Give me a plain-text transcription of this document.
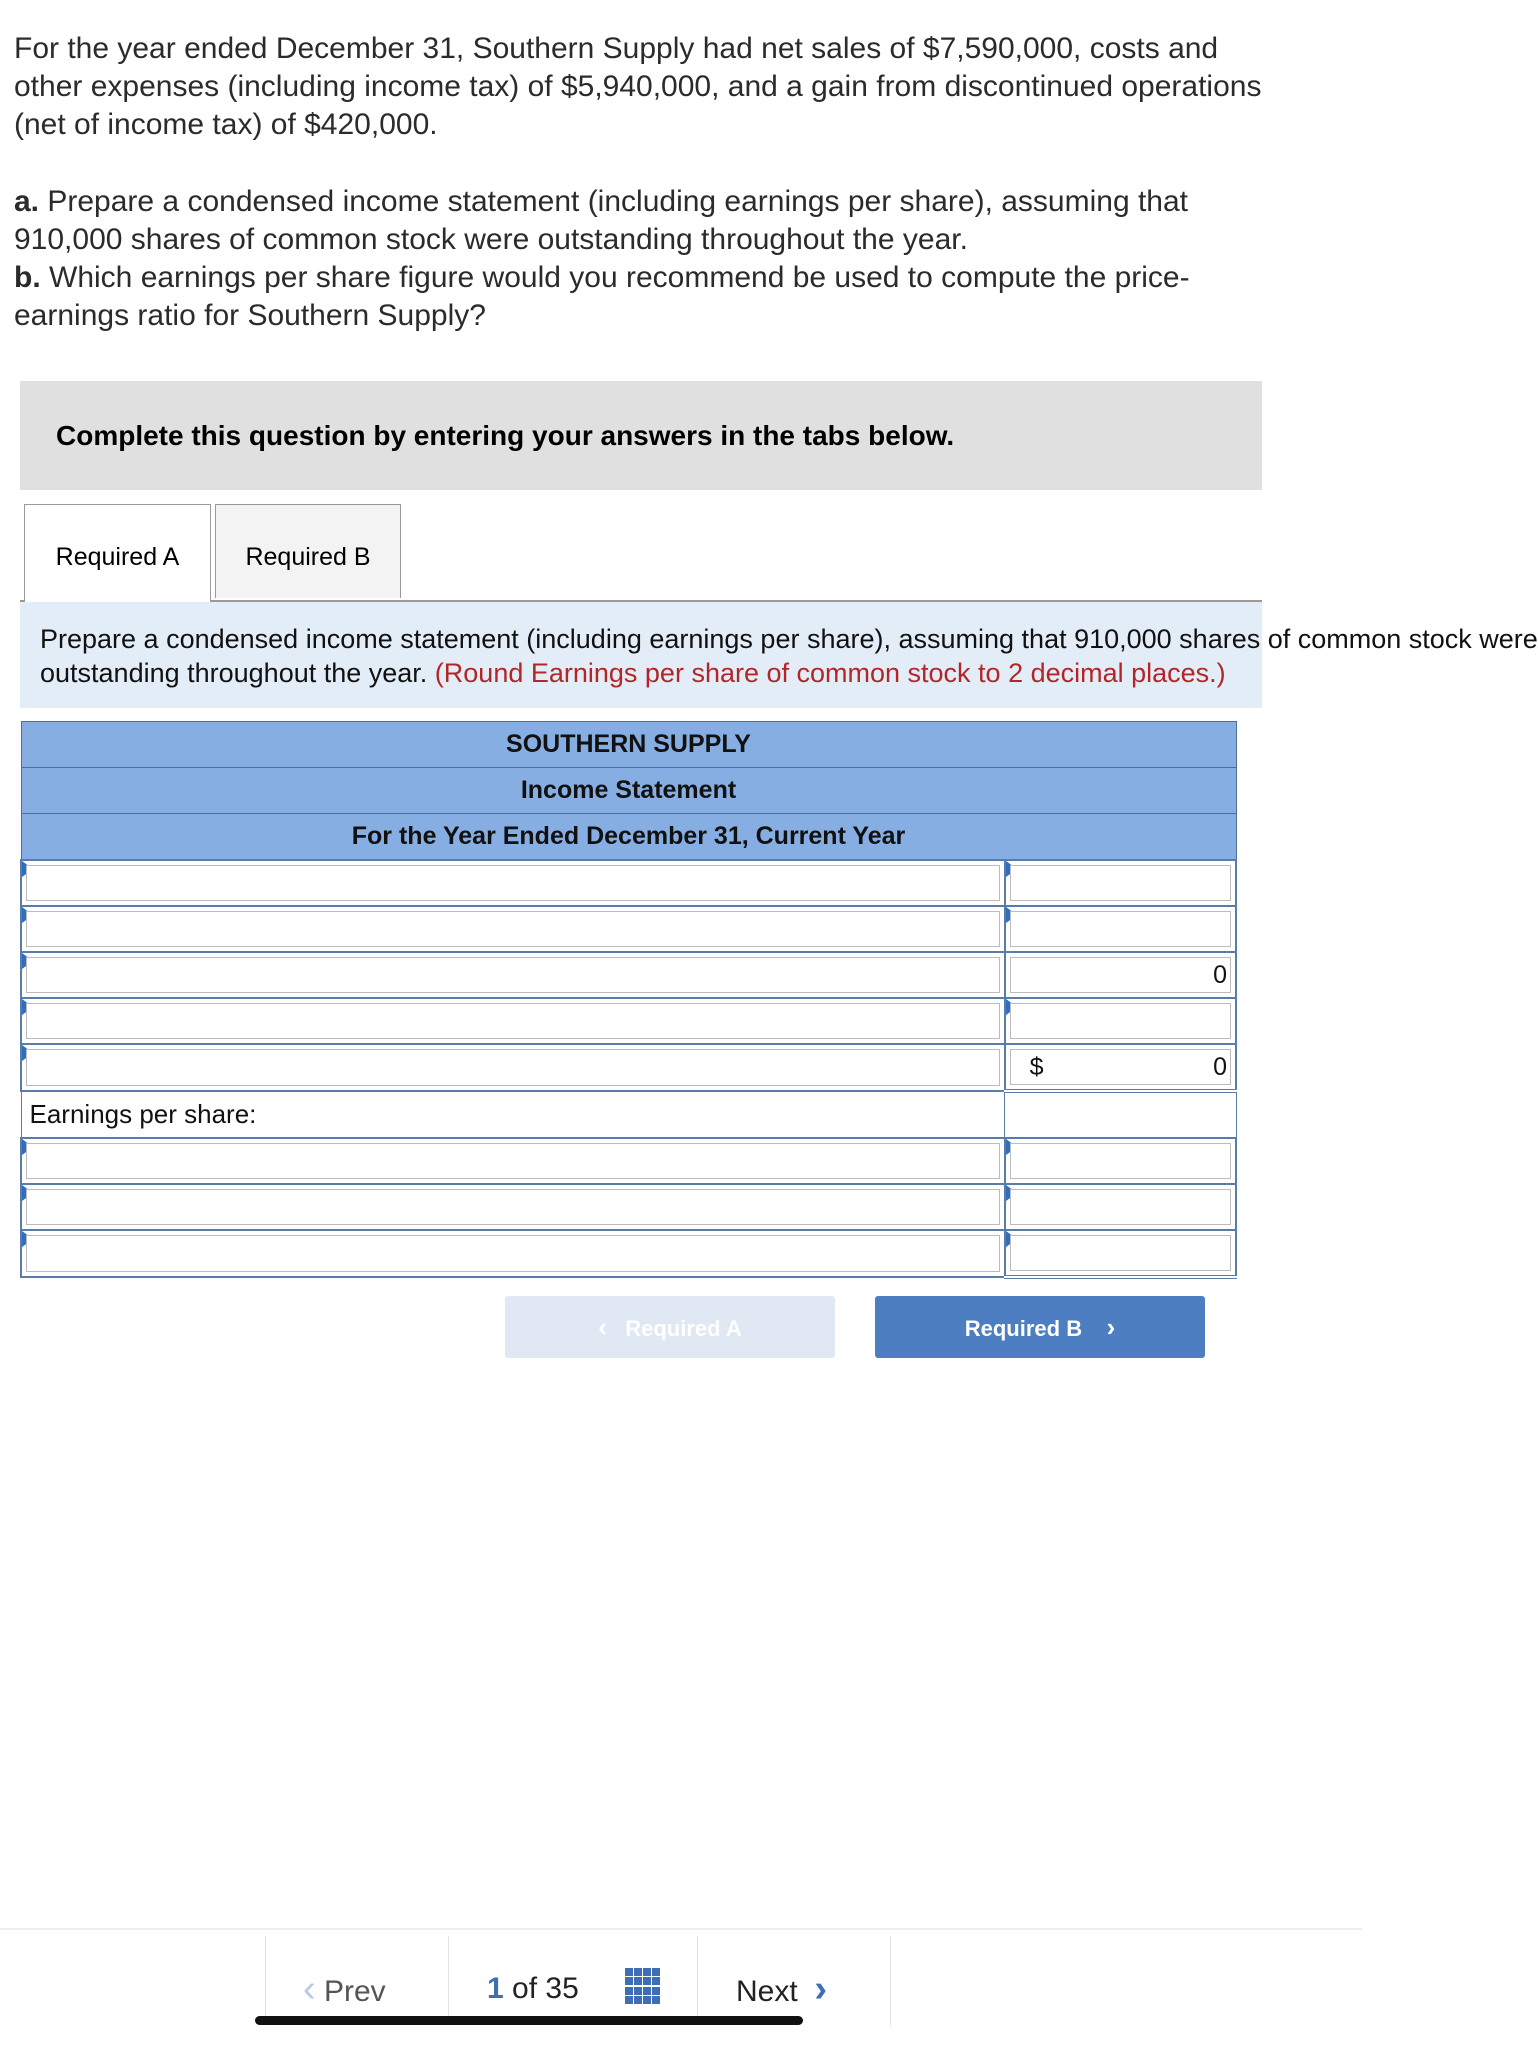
For the year ended December 31, Southern Supply had net sales of $7,590,000, costs and other expenses (including income tax) of $5,940,000, and a gain from discontinued operations (net of income tax) of $420,000.

a. Prepare a condensed income statement (including earnings per share), assuming that 910,000 shares of common stock were outstanding throughout the year.

b. Which earnings per share figure would you recommend be used to compute the price-earnings ratio for Southern Supply?

Complete this question by entering your answers in the tabs below.
Required A	Required B
Prepare a condensed income statement (including earnings per share), assuming that 910,000 shares of common stock were
outstanding throughout the year. (Round Earnings per share of common stock to 2 decimal places.)
SOUTHERN SUPPLY	
Income Statement	
For the Year Ended December 31, Current Year	

	0

	$ 0

Earnings per share:	

‹ Required A	Required B ›
‹ Prev	1 of 35	Next ›
